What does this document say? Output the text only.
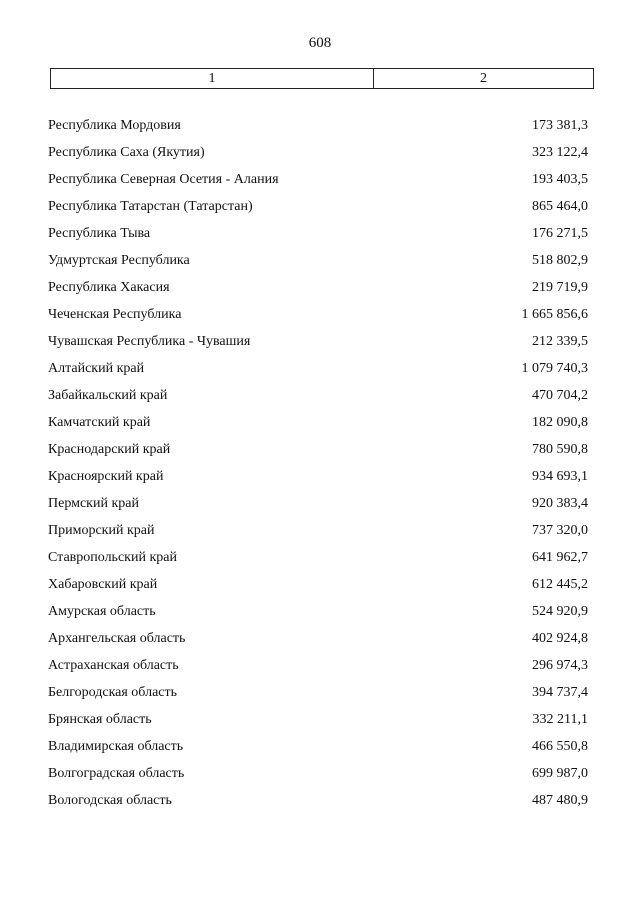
608
1	2
Республика Мордовия	173 381,3
Республика Саха (Якутия)	323 122,4
Республика Северная Осетия - Алания	193 403,5
Республика Татарстан (Татарстан)	865 464,0
Республика Тыва	176 271,5
Удмуртская Республика	518 802,9
Республика Хакасия	219 719,9
Чеченская Республика	1 665 856,6
Чувашская Республика - Чувашия	212 339,5
Алтайский край	1 079 740,3
Забайкальский край	470 704,2
Камчатский край	182 090,8
Краснодарский край	780 590,8
Красноярский край	934 693,1
Пермский край	920 383,4
Приморский край	737 320,0
Ставропольский край	641 962,7
Хабаровский край	612 445,2
Амурская область	524 920,9
Архангельская область	402 924,8
Астраханская область	296 974,3
Белгородская область	394 737,4
Брянская область	332 211,1
Владимирская область	466 550,8
Волгоградская область	699 987,0
Вологодская область	487 480,9
